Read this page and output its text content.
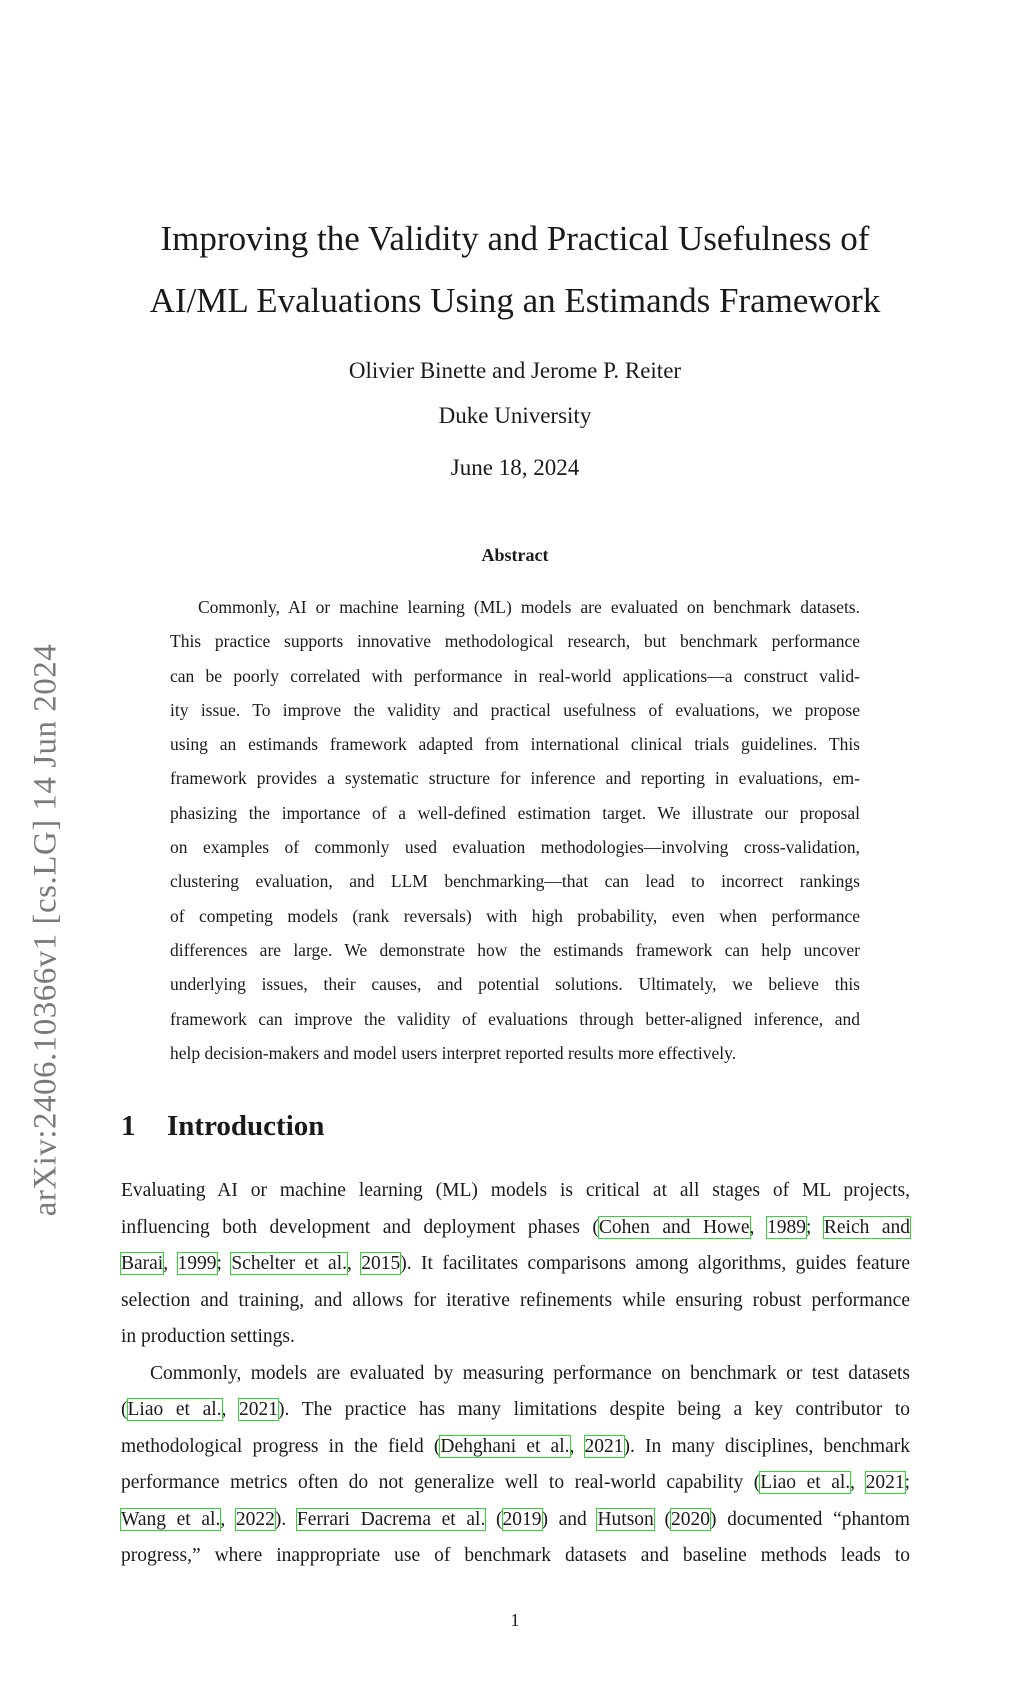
arXiv:2406.10366v1 [cs.LG] 14 Jun 2024
Improving the Validity and Practical Usefulness of
AI/ML Evaluations Using an Estimands Framework
Olivier Binette and Jerome P. Reiter
Duke University
June 18, 2024
Abstract
Commonly, AI or machine learning (ML) models are evaluated on benchmark datasets.
This practice supports innovative methodological research, but benchmark performance
can be poorly correlated with performance in real-world applications—a construct valid-
ity issue. To improve the validity and practical usefulness of evaluations, we propose
using an estimands framework adapted from international clinical trials guidelines. This
framework provides a systematic structure for inference and reporting in evaluations, em-
phasizing the importance of a well-defined estimation target. We illustrate our proposal
on examples of commonly used evaluation methodologies—involving cross-validation,
clustering evaluation, and LLM benchmarking—that can lead to incorrect rankings
of competing models (rank reversals) with high probability, even when performance
differences are large. We demonstrate how the estimands framework can help uncover
underlying issues, their causes, and potential solutions. Ultimately, we believe this
framework can improve the validity of evaluations through better-aligned inference, and
help decision-makers and model users interpret reported results more effectively.
1 Introduction
Evaluating AI or machine learning (ML) models is critical at all stages of ML projects,
influencing both development and deployment phases (Cohen and Howe, 1989; Reich and
Barai, 1999; Schelter et al., 2015). It facilitates comparisons among algorithms, guides feature
selection and training, and allows for iterative refinements while ensuring robust performance
in production settings.
Commonly, models are evaluated by measuring performance on benchmark or test datasets
(Liao et al., 2021). The practice has many limitations despite being a key contributor to
methodological progress in the field (Dehghani et al., 2021). In many disciplines, benchmark
performance metrics often do not generalize well to real-world capability (Liao et al., 2021;
Wang et al., 2022). Ferrari Dacrema et al. (2019) and Hutson (2020) documented “phantom
progress,” where inappropriate use of benchmark datasets and baseline methods leads to
1
